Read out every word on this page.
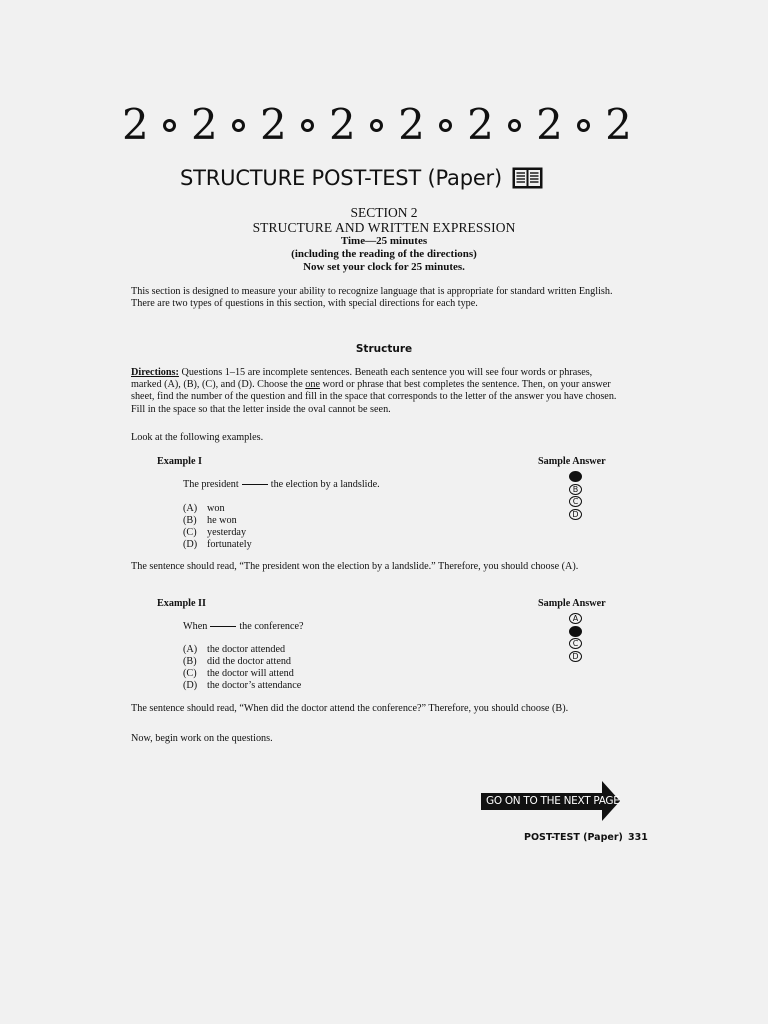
2 2 2 2 2 2 2 2
STRUCTURE POST-TEST (Paper)
SECTION 2
STRUCTURE AND WRITTEN EXPRESSION
Time—25 minutes
(including the reading of the directions)
Now set your clock for 25 minutes.
This section is designed to measure your ability to recognize language that is appropriate for standard written English. There are two types of questions in this section, with special directions for each type.
Structure
Directions: Questions 1–15 are incomplete sentences. Beneath each sentence you will see four words or phrases, marked (A), (B), (C), and (D). Choose the one word or phrase that best completes the sentence. Then, on your answer sheet, find the number of the question and fill in the space that corresponds to the letter of the answer you have chosen. Fill in the space so that the letter inside the oval cannot be seen.
Look at the following examples.
Example I	Sample Answer
The president	the election by a landslide.
(A) won
(B)	he won
(C)	yesterday
(D) fortunately
A
B
C
D
The sentence should read, “The president won the election by a landslide.” Therefore, you should choose (A).
Example II	Sample Answer
When	the conference?
(A) the doctor attended
(B)	did the doctor attend
(C)	the doctor will attend
(D) the doctor’s attendance
A
B
C
D
The sentence should read, “When did the doctor attend the conference?” Therefore, you should choose (B).
Now, begin work on the questions.
GO ON TO THE NEXT PAGE
POST-TEST (Paper) 331
